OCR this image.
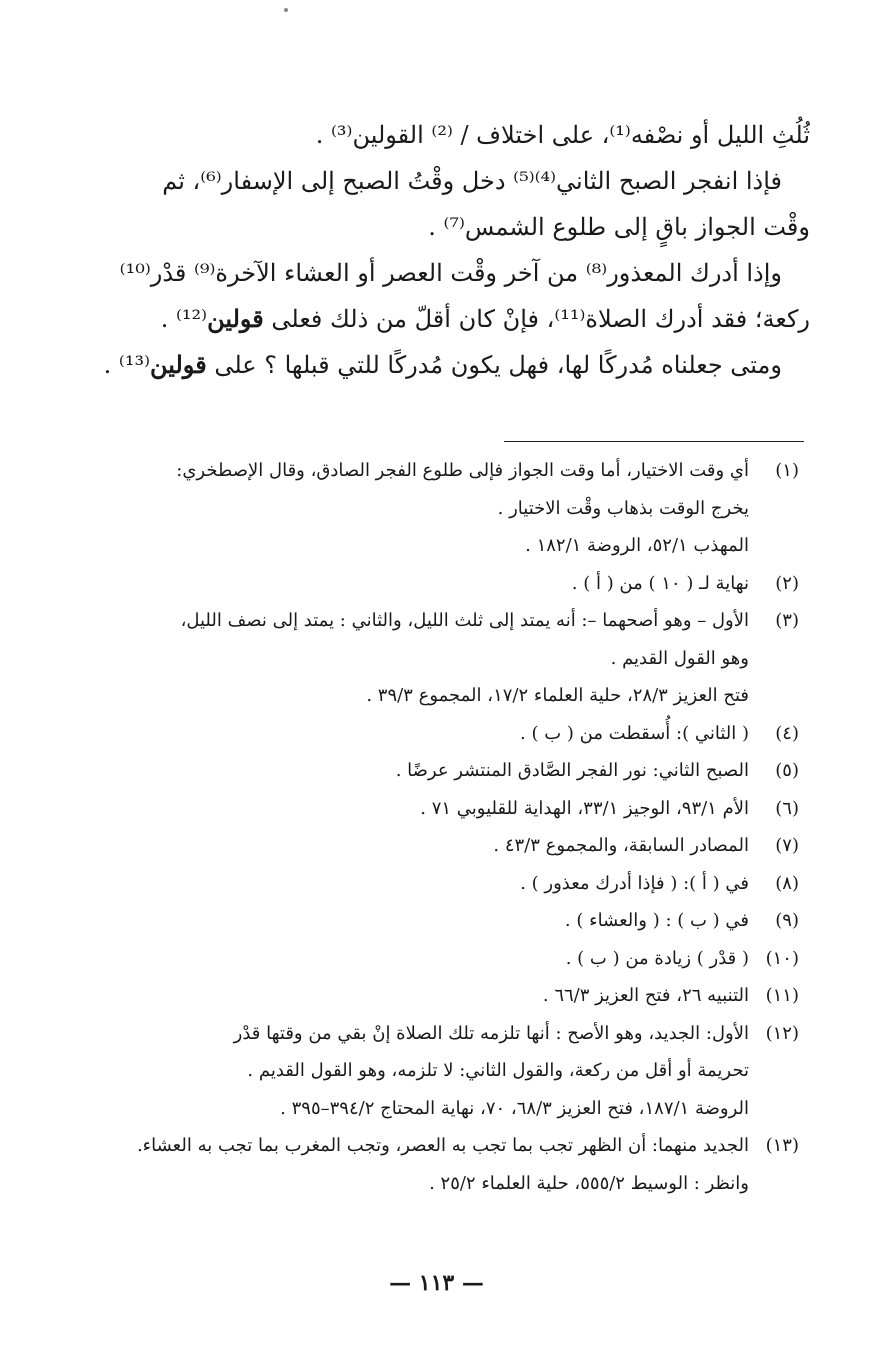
ثُلُثِ الليل أو نصْفه⁽¹⁾، على اختلاف / ⁽²⁾ القولين⁽³⁾ .
فإذا انفجر الصبح الثاني⁽⁴⁾⁽⁵⁾ دخل وقْتُ الصبح إلى الإسفار⁽⁶⁾، ثم
وقْت الجواز باقٍ إلى طلوع الشمس⁽⁷⁾ .
وإذا أدرك المعذور⁽⁸⁾ من آخر وقْت العصر أو العشاء الآخرة⁽⁹⁾ قدْر⁽¹⁰⁾
ركعة؛ فقد أدرك الصلاة⁽¹¹⁾، فإنْ كان أقلّ من ذلك فعلى قولين⁽¹²⁾ .
ومتى جعلناه مُدركًا لها، فهل يكون مُدركًا للتي قبلها ؟ على قولين⁽¹³⁾ .
(١)أي وقت الاختيار، أما وقت الجواز فإلى طلوع الفجر الصادق، وقال الإصطخري:
يخرج الوقت بذهاب وقْت الاختيار .
المهذب ٥٢/١، الروضة ١٨٢/١ .
(٢)نهاية لـ ( ١٠ ) من ( أ ) .
(٣)الأول – وهو أصحهما –: أنه يمتد إلى ثلث الليل، والثاني : يمتد إلى نصف الليل،
وهو القول القديم .
فتح العزيز ٢٨/٣، حلية العلماء ١٧/٢، المجموع ٣٩/٣ .
(٤)( الثاني ): أُسقطت من ( ب ) .
(٥)الصبح الثاني: نور الفجر الصَّادق المنتشر عرضًا .
(٦)الأم ٩٣/١، الوجيز ٣٣/١، الهداية للقليوبي ٧١ .
(٧)المصادر السابقة، والمجموع ٤٣/٣ .
(٨)في ( أ ): ( فإذا أدرك معذور ) .
(٩)في ( ب ) : ( والعشاء ) .
(١٠)( قدْر ) زيادة من ( ب ) .
(١١)التنبيه ٢٦، فتح العزيز ٦٦/٣ .
(١٢)الأول: الجديد، وهو الأصح : أنها تلزمه تلك الصلاة إنْ بقي من وقتها قدْر
تحريمة أو أقل من ركعة، والقول الثاني: لا تلزمه، وهو القول القديم .
الروضة ١٨٧/١، فتح العزيز ٦٨/٣، ٧٠، نهاية المحتاج ٣٩٤/٢–٣٩٥ .
(١٣)الجديد منهما: أن الظهر تجب بما تجب به العصر، وتجب المغرب بما تجب به العشاء.
وانظر : الوسيط ٥٥٥/٢، حلية العلماء ٢٥/٢ .
— ١١٣ —
